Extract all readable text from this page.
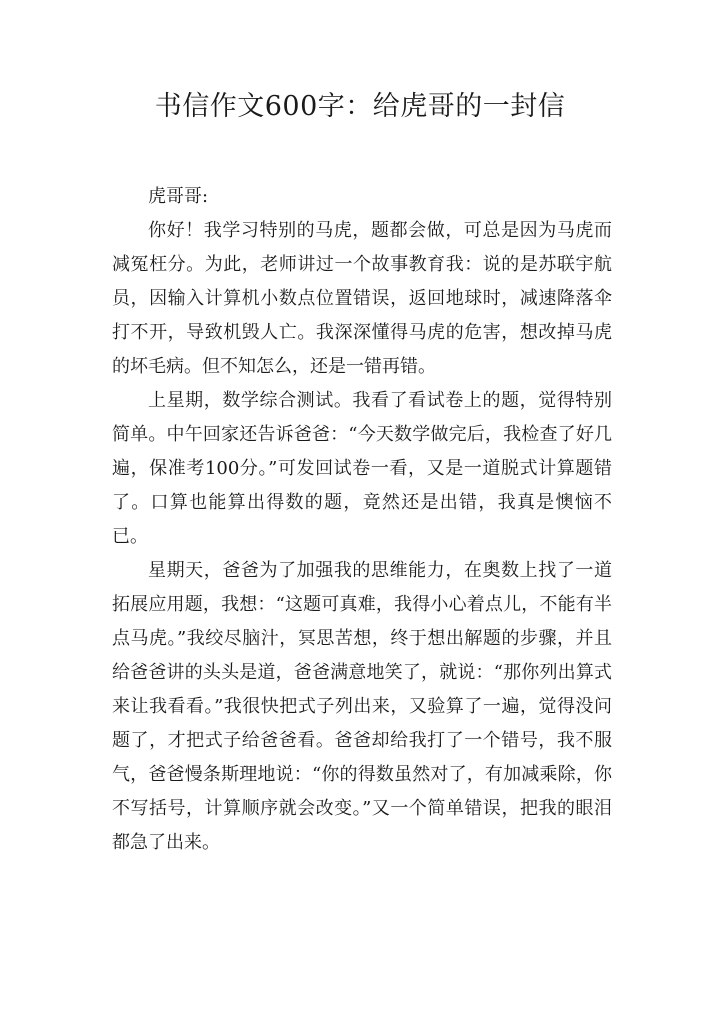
书信作文600字：给虎哥的一封信

虎哥哥:

你好！我学习特别的马虎，题都会做，可总是因为马虎而减冤枉分。为此，老师讲过一个故事教育我：说的是苏联宇航员，因输入计算机小数点位置错误，返回地球时，减速降落伞打不开，导致机毁人亡。我深深懂得马虎的危害，想改掉马虎的坏毛病。但不知怎么，还是一错再错。

上星期，数学综合测试。我看了看试卷上的题，觉得特别简单。中午回家还告诉爸爸：“今天数学做完后，我检查了好几遍，保准考100分。”可发回试卷一看，又是一道脱式计算题错了。口算也能算出得数的题，竟然还是出错，我真是懊恼不已。

星期天，爸爸为了加强我的思维能力，在奥数上找了一道拓展应用题，我想：“这题可真难，我得小心着点儿，不能有半点马虎。”我绞尽脑汁，冥思苦想，终于想出解题的步骤，并且给爸爸讲的头头是道，爸爸满意地笑了，就说：“那你列出算式来让我看看。”我很快把式子列出来，又验算了一遍，觉得没问题了，才把式子给爸爸看。爸爸却给我打了一个错号，我不服气，爸爸慢条斯理地说：“你的得数虽然对了，有加减乘除，你不写括号，计算顺序就会改变。”又一个简单错误，把我的眼泪都急了出来。
